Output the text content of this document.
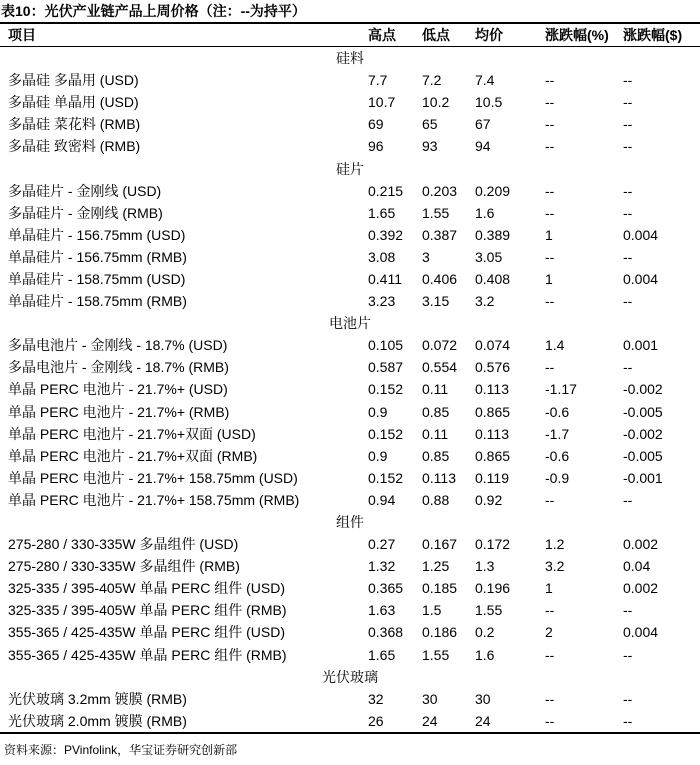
表10：光伏产业链产品上周价格（注：--为持平）
项目	高点	低点	均价	涨跌幅(%)	涨跌幅($)
硅料					
多晶硅 多晶用 (USD)	7.7	7.2	7.4	--	--
多晶硅 单晶用 (USD)	10.7	10.2	10.5	--	--
多晶硅 菜花料 (RMB)	69	65	67	--	--
多晶硅 致密料 (RMB)	96	93	94	--	--
硅片					
多晶硅片 - 金刚线 (USD)	0.215	0.203	0.209	--	--
多晶硅片 - 金刚线 (RMB)	1.65	1.55	1.6	--	--
单晶硅片 - 156.75mm (USD)	0.392	0.387	0.389	1	0.004
单晶硅片 - 156.75mm (RMB)	3.08	3	3.05	--	--
单晶硅片 - 158.75mm (USD)	0.411	0.406	0.408	1	0.004
单晶硅片 - 158.75mm (RMB)	3.23	3.15	3.2	--	--
电池片					
多晶电池片 - 金刚线 - 18.7% (USD)	0.105	0.072	0.074	1.4	0.001
多晶电池片 - 金刚线 - 18.7% (RMB)	0.587	0.554	0.576	--	--
单晶 PERC 电池片 - 21.7%+ (USD)	0.152	0.11	0.113	-1.17	-0.002
单晶 PERC 电池片 - 21.7%+ (RMB)	0.9	0.85	0.865	-0.6	-0.005
单晶 PERC 电池片 - 21.7%+双面 (USD)	0.152	0.11	0.113	-1.7	-0.002
单晶 PERC 电池片 - 21.7%+双面 (RMB)	0.9	0.85	0.865	-0.6	-0.005
单晶 PERC 电池片 - 21.7%+ 158.75mm (USD)	0.152	0.113	0.119	-0.9	-0.001
单晶 PERC 电池片 - 21.7%+ 158.75mm (RMB)	0.94	0.88	0.92	--	--
组件					
275-280 / 330-335W 多晶组件 (USD)	0.27	0.167	0.172	1.2	0.002
275-280 / 330-335W 多晶组件 (RMB)	1.32	1.25	1.3	3.2	0.04
325-335 / 395-405W 单晶 PERC 组件 (USD)	0.365	0.185	0.196	1	0.002
325-335 / 395-405W 单晶 PERC 组件 (RMB)	1.63	1.5	1.55	--	--
355-365 / 425-435W 单晶 PERC 组件 (USD)	0.368	0.186	0.2	2	0.004
355-365 / 425-435W 单晶 PERC 组件 (RMB)	1.65	1.55	1.6	--	--
光伏玻璃					
光伏玻璃 3.2mm 镀膜 (RMB)	32	30	30	--	--
光伏玻璃 2.0mm 镀膜 (RMB)	26	24	24	--	--
资料来源：PVinfolink，华宝证券研究创新部
